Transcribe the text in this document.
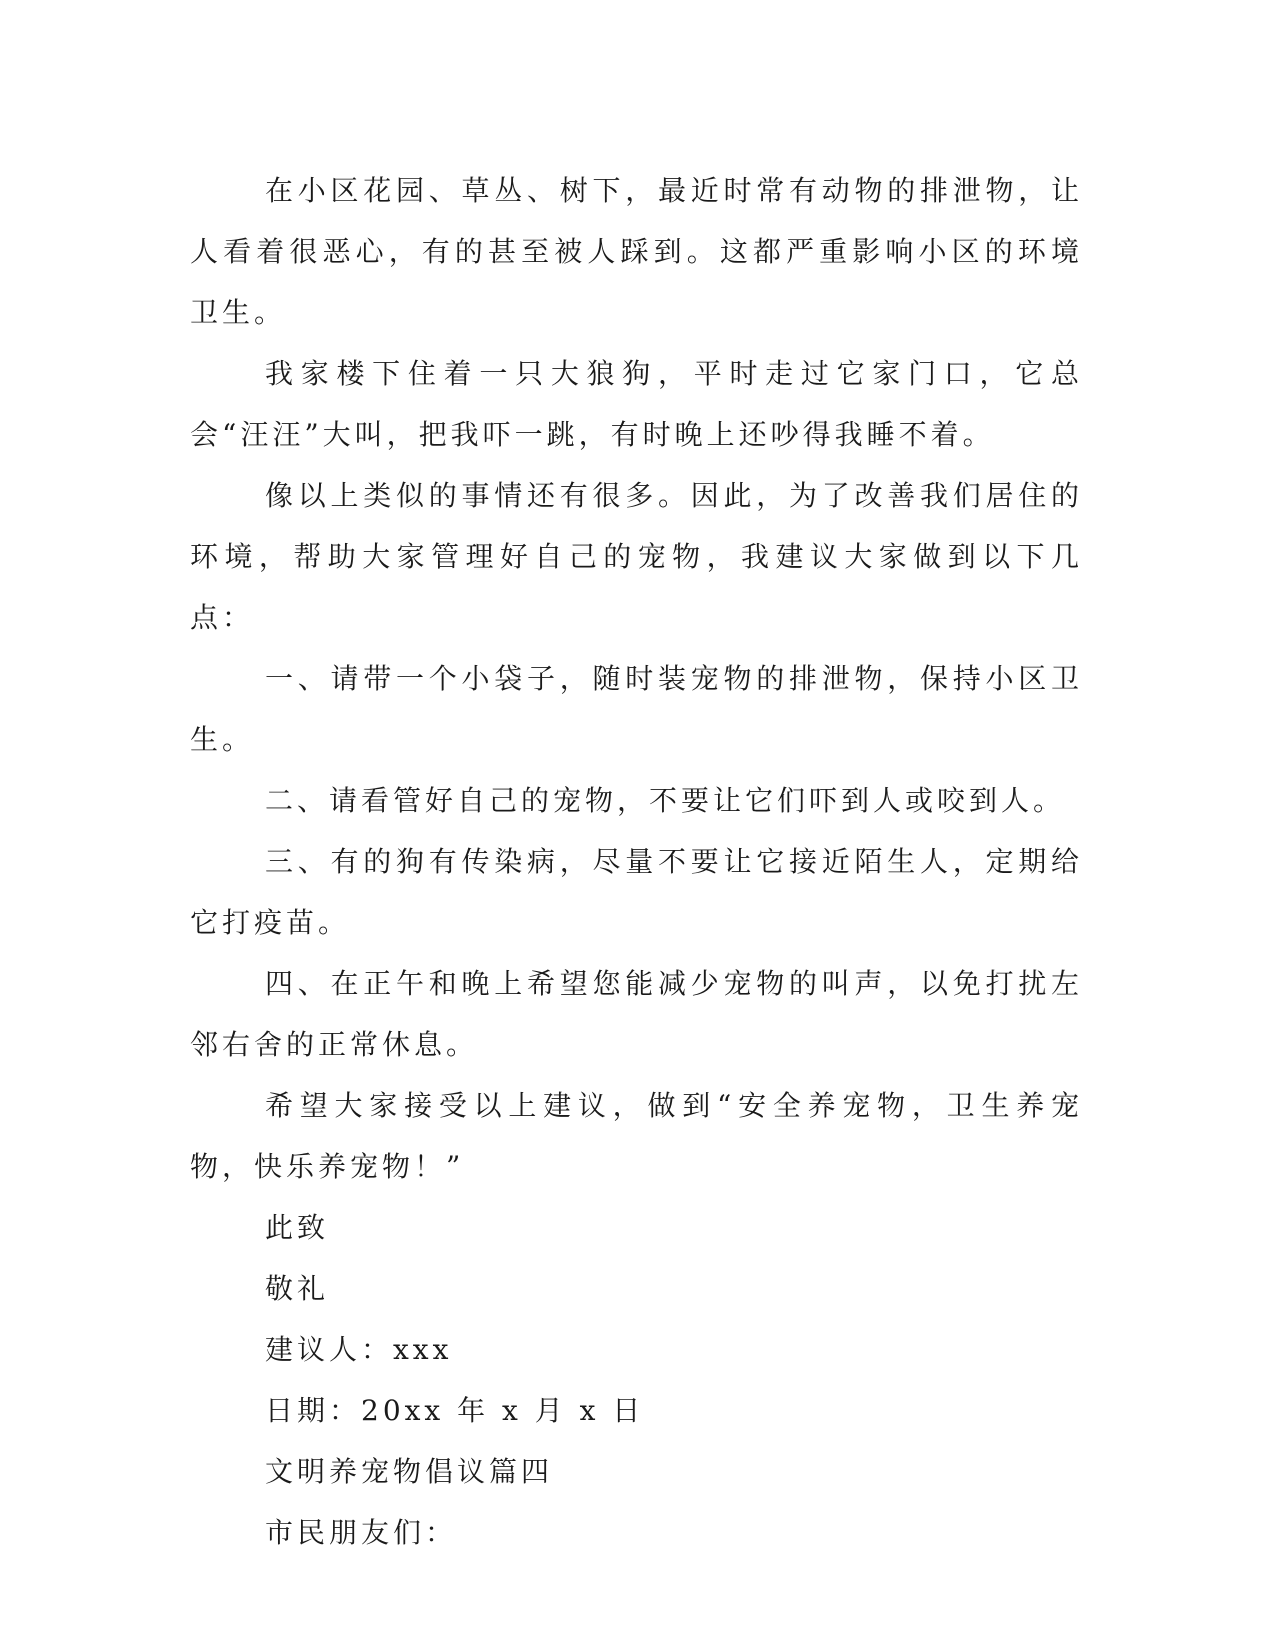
在小区花园、草丛、树下，最近时常有动物的排泄物，让人看着很恶心，有的甚至被人踩到。这都严重影响小区的环境卫生。

我家楼下住着一只大狼狗，平时走过它家门口，它总会“汪汪”大叫，把我吓一跳，有时晚上还吵得我睡不着。

像以上类似的事情还有很多。因此，为了改善我们居住的环境，帮助大家管理好自己的宠物，我建议大家做到以下几点：

一、请带一个小袋子，随时装宠物的排泄物，保持小区卫生。

二、请看管好自己的宠物，不要让它们吓到人或咬到人。

三、有的狗有传染病，尽量不要让它接近陌生人，定期给它打疫苗。

四、在正午和晚上希望您能减少宠物的叫声，以免打扰左邻右舍的正常休息。

希望大家接受以上建议，做到“安全养宠物，卫生养宠物，快乐养宠物！”

此致

敬礼

建议人：xxx

日期：20xx 年 x 月 x 日

文明养宠物倡议篇四

市民朋友们：
